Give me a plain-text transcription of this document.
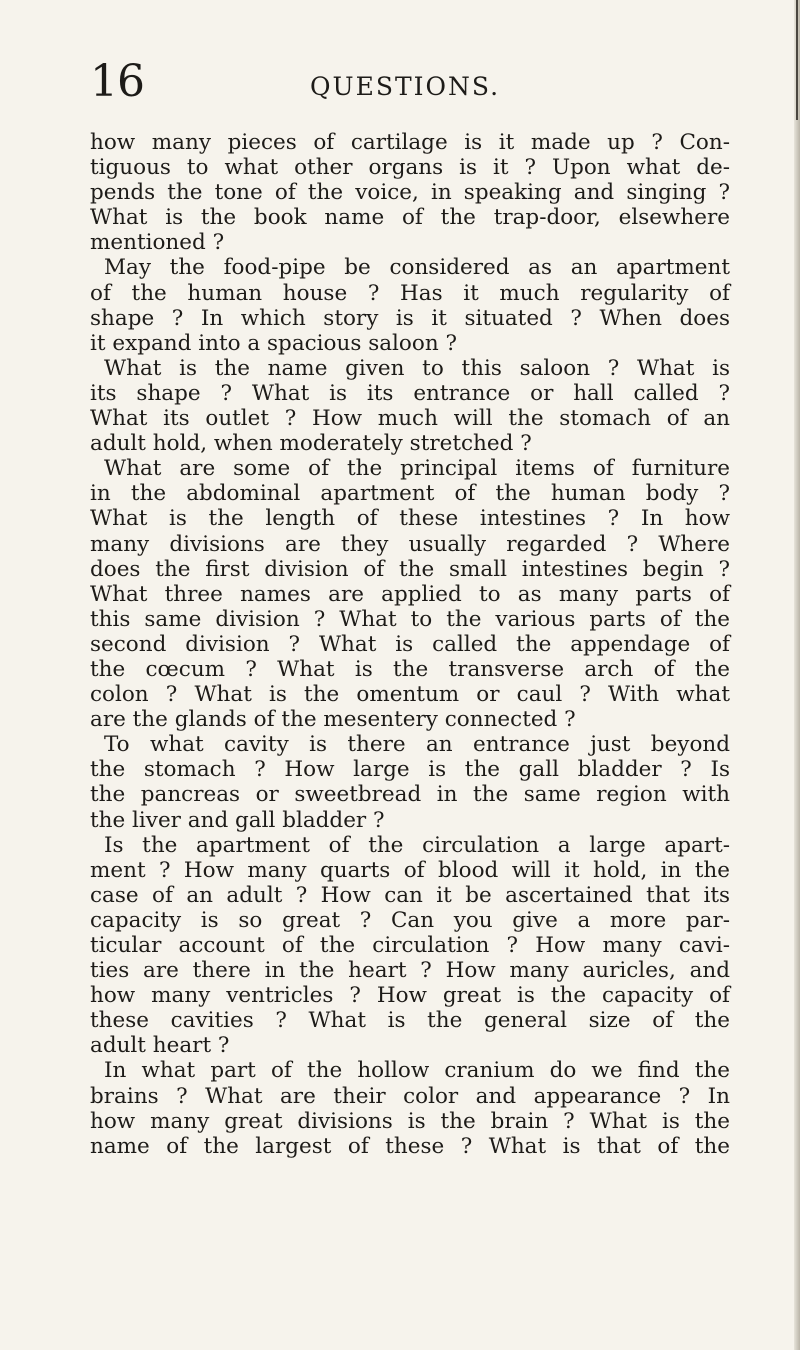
16	QUESTIONS.
how many pieces of cartilage is it made up ? Con-
tiguous to what other organs is it ? Upon what de-
pends the tone of the voice, in speaking and singing ?
What is the book name of the trap-door, elsewhere
mentioned ?
May the food-pipe be considered as an apartment
of the human house ? Has it much regularity of
shape ? In which story is it situated ? When does
it expand into a spacious saloon ?
What is the name given to this saloon ? What is
its shape ? What is its entrance or hall called ?
What its outlet ? How much will the stomach of an
adult hold, when moderately stretched ?
What are some of the principal items of furniture
in the abdominal apartment of the human body ?
What is the length of these intestines ? In how
many divisions are they usually regarded ? Where
does the first division of the small intestines begin ?
What three names are applied to as many parts of
this same division ? What to the various parts of the
second division ? What is called the appendage of
the cœcum ? What is the transverse arch of the
colon ? What is the omentum or caul ? With what
are the glands of the mesentery connected ?
To what cavity is there an entrance just beyond
the stomach ? How large is the gall bladder ? Is
the pancreas or sweetbread in the same region with
the liver and gall bladder ?
Is the apartment of the circulation a large apart-
ment ? How many quarts of blood will it hold, in the
case of an adult ? How can it be ascertained that its
capacity is so great ? Can you give a more par-
ticular account of the circulation ? How many cavi-
ties are there in the heart ? How many auricles, and
how many ventricles ? How great is the capacity of
these cavities ? What is the general size of the
adult heart ?
In what part of the hollow cranium do we find the
brains ? What are their color and appearance ? In
how many great divisions is the brain ? What is the
name of the largest of these ? What is that of the
